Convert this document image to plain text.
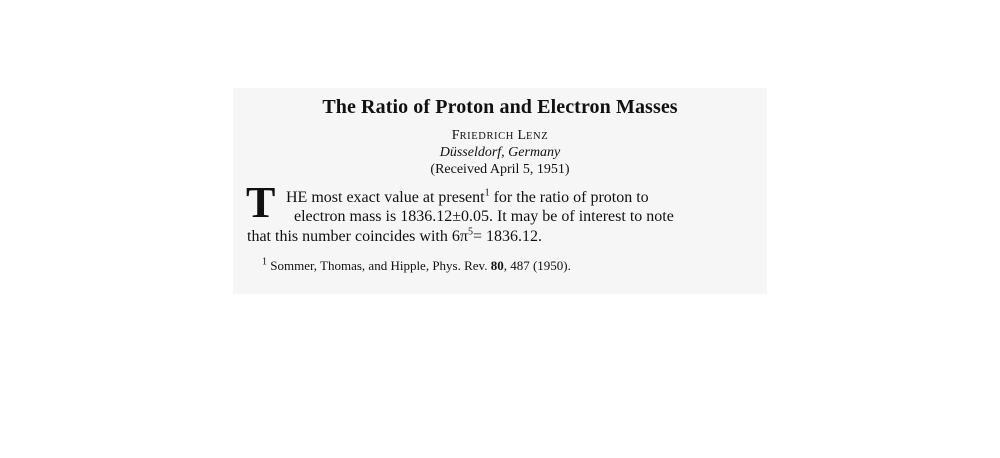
The Ratio of Proton and Electron Masses
FRIEDRICH LENZ
Düsseldorf, Germany
(Received April 5, 1951)
T HE most exact value at present$^1$ for the ratio of proton to
electron mass is 1836.12±0.05. It may be of interest to note
that this number coincides with $6\pi^5= 1836.12$.
$^1$ Sommer, Thomas, and Hipple, Phys. Rev. 80, 487 (1950).
